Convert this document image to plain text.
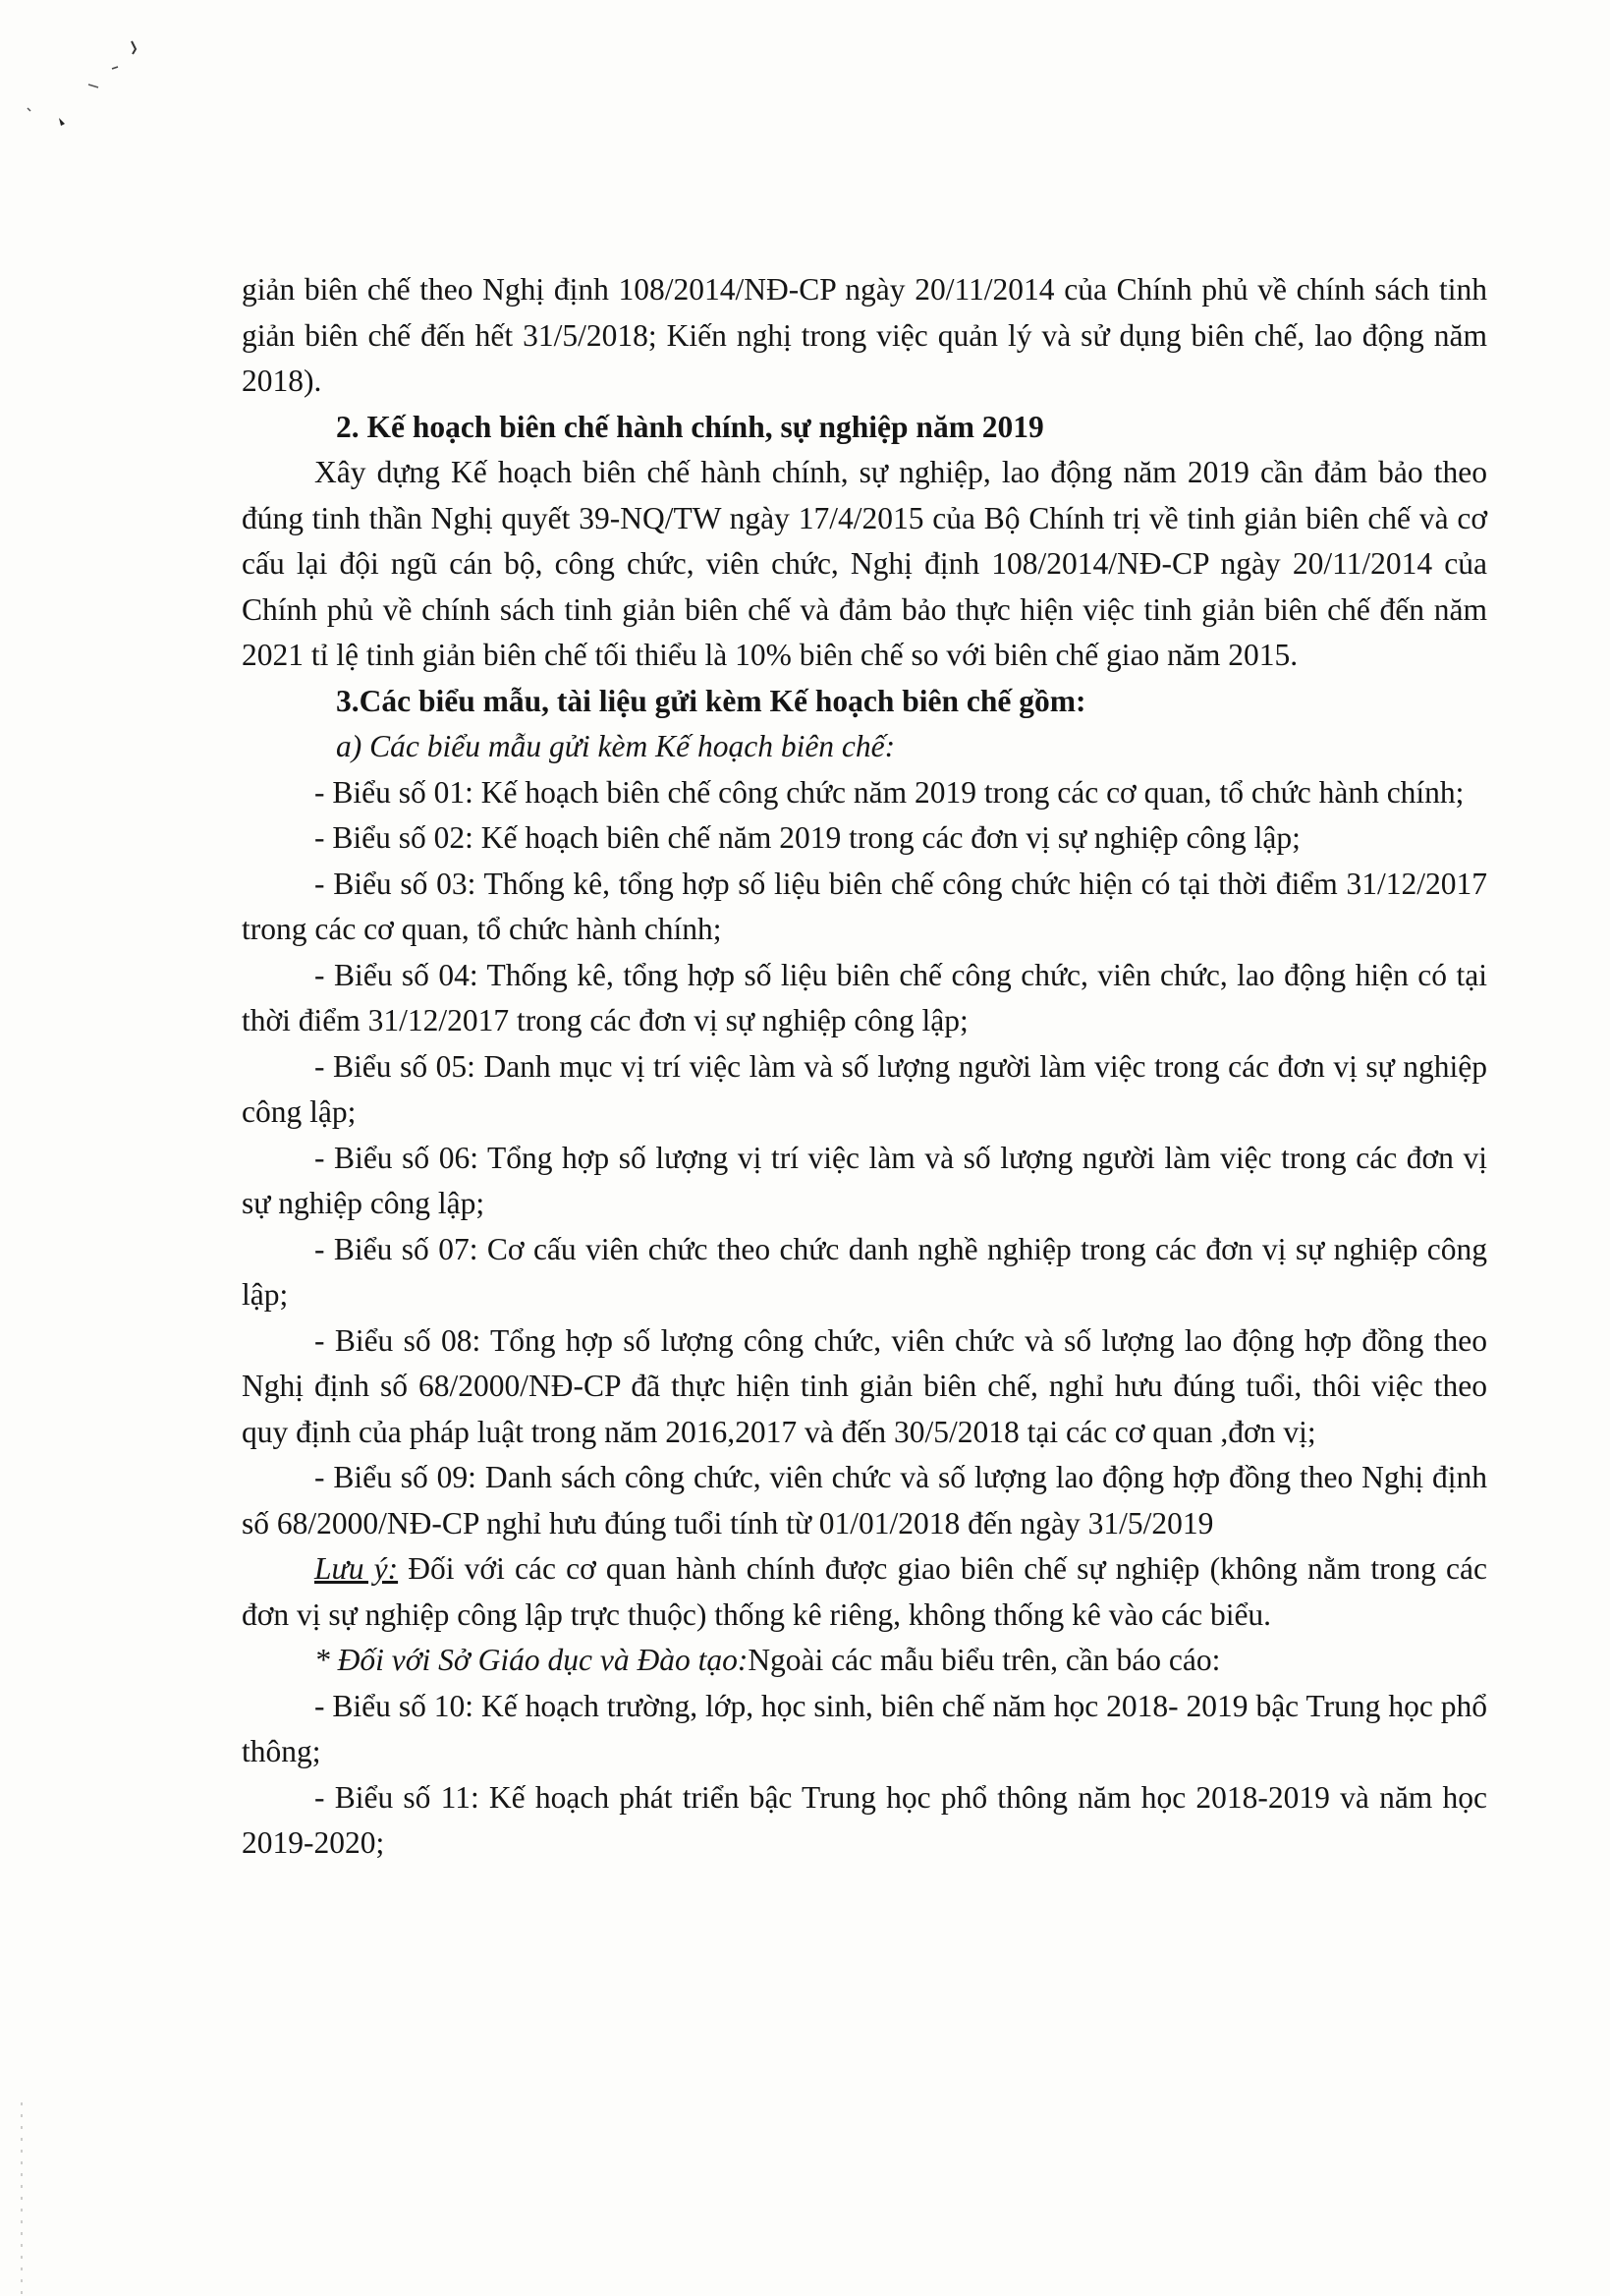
giản biên chế theo Nghị định 108/2014/NĐ-CP ngày 20/11/2014 của Chính phủ về chính sách tinh giản biên chế đến hết 31/5/2018; Kiến nghị trong việc quản lý và sử dụng biên chế, lao động năm 2018).

2. Kế hoạch biên chế hành chính, sự nghiệp năm 2019

Xây dựng Kế hoạch biên chế hành chính, sự nghiệp, lao động năm 2019 cần đảm bảo theo đúng tinh thần Nghị quyết 39-NQ/TW ngày 17/4/2015 của Bộ Chính trị về tinh giản biên chế và cơ cấu lại đội ngũ cán bộ, công chức, viên chức, Nghị định 108/2014/NĐ-CP ngày 20/11/2014 của Chính phủ về chính sách tinh giản biên chế và đảm bảo thực hiện việc tinh giản biên chế đến năm 2021 tỉ lệ tinh giản biên chế tối thiểu là 10% biên chế so với biên chế giao năm 2015.

3.Các biểu mẫu, tài liệu gửi kèm Kế hoạch biên chế gồm:

a) Các biểu mẫu gửi kèm Kế hoạch biên chế:

- Biểu số 01: Kế hoạch biên chế công chức năm 2019 trong các cơ quan, tổ chức hành chính;

- Biểu số 02: Kế hoạch biên chế năm 2019 trong các đơn vị sự nghiệp công lập;

- Biểu số 03: Thống kê, tổng hợp số liệu biên chế công chức hiện có tại thời điểm 31/12/2017 trong các cơ quan, tổ chức hành chính;

- Biểu số 04: Thống kê, tổng hợp số liệu biên chế công chức, viên chức, lao động hiện có tại thời điểm 31/12/2017 trong các đơn vị sự nghiệp công lập;

- Biểu số 05: Danh mục vị trí việc làm và số lượng người làm việc trong các đơn vị sự nghiệp công lập;

- Biểu số 06: Tổng hợp số lượng vị trí việc làm và số lượng người làm việc trong các đơn vị sự nghiệp công lập;

- Biểu số 07: Cơ cấu viên chức theo chức danh nghề nghiệp trong các đơn vị sự nghiệp công lập;

- Biểu số 08: Tổng hợp số lượng công chức, viên chức và số lượng lao động hợp đồng theo Nghị định số 68/2000/NĐ-CP đã thực hiện tinh giản biên chế, nghỉ hưu đúng tuổi, thôi việc theo quy định của pháp luật trong năm 2016,2017 và đến 30/5/2018 tại các cơ quan ,đơn vị;

- Biểu số 09: Danh sách công chức, viên chức và số lượng lao động hợp đồng theo Nghị định số 68/2000/NĐ-CP nghỉ hưu đúng tuổi tính từ 01/01/2018 đến ngày 31/5/2019

Lưu ý: Đối với các cơ quan hành chính được giao biên chế sự nghiệp (không nằm trong các đơn vị sự nghiệp công lập trực thuộc) thống kê riêng, không thống kê vào các biểu.

* Đối với Sở Giáo dục và Đào tạo:Ngoài các mẫu biểu trên, cần báo cáo:

- Biểu số 10: Kế hoạch trường, lớp, học sinh, biên chế năm học 2018- 2019 bậc Trung học phổ thông;

- Biểu số 11: Kế hoạch phát triển bậc Trung học phổ thông năm học 2018-2019 và năm học 2019-2020;
